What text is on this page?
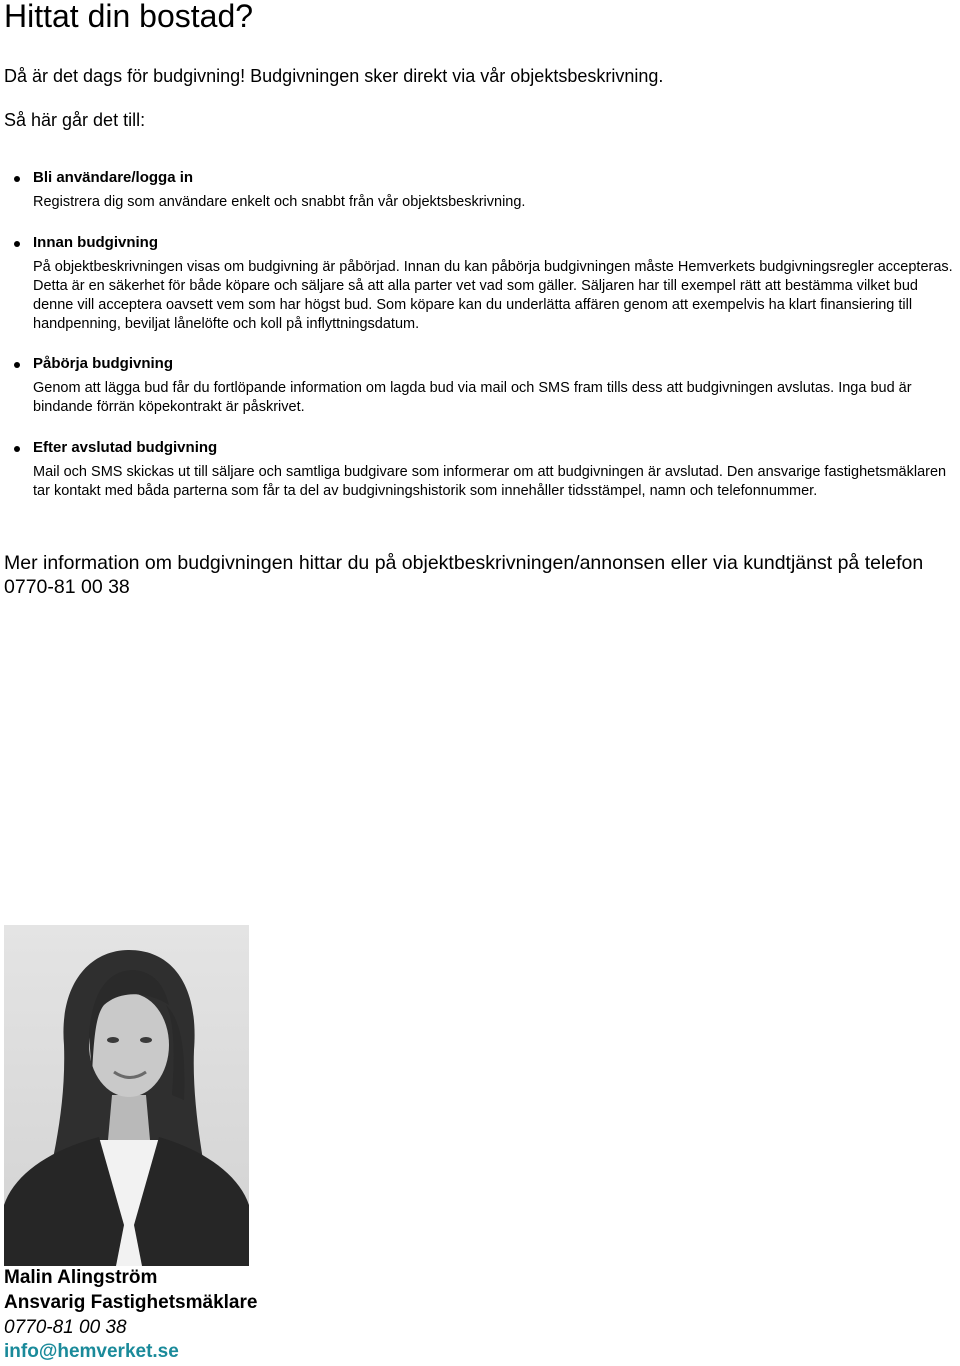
Hittat din bostad?

Då är det dags för budgivning! Budgivningen sker direkt via vår objektsbeskrivning.

Så här går det till:

Bli användare/logga in

Registrera dig som användare enkelt och snabbt från vår objektsbeskrivning.

Innan budgivning

På objektbeskrivningen visas om budgivning är påbörjad. Innan du kan påbörja budgivningen måste Hemverkets budgivningsregler accepteras. Detta är en säkerhet för både köpare och säljare så att alla parter vet vad som gäller. Säljaren har till exempel rätt att bestämma vilket bud denne vill acceptera oavsett vem som har högst bud. Som köpare kan du underlätta affären genom att exempelvis ha klart finansiering till handpenning, beviljat lånelöfte och koll på inflyttningsdatum.

Påbörja budgivning

Genom att lägga bud får du fortlöpande information om lagda bud via mail och SMS fram tills dess att budgivningen avslutas. Inga bud är bindande förrän köpekontrakt är påskrivet.

Efter avslutad budgivning

Mail och SMS skickas ut till säljare och samtliga budgivare som informerar om att budgivningen är avslutad. Den ansvarige fastighetsmäklaren tar kontakt med båda parterna som får ta del av budgivningshistorik som innehåller tidsstämpel, namn och telefonnummer.

Mer information om budgivningen hittar du på objektbeskrivningen/annonsen eller via kundtjänst på telefon 0770-81 00 38

Malin Alingström

Ansvarig Fastighetsmäklare

0770-81 00 38

info@hemverket.se
